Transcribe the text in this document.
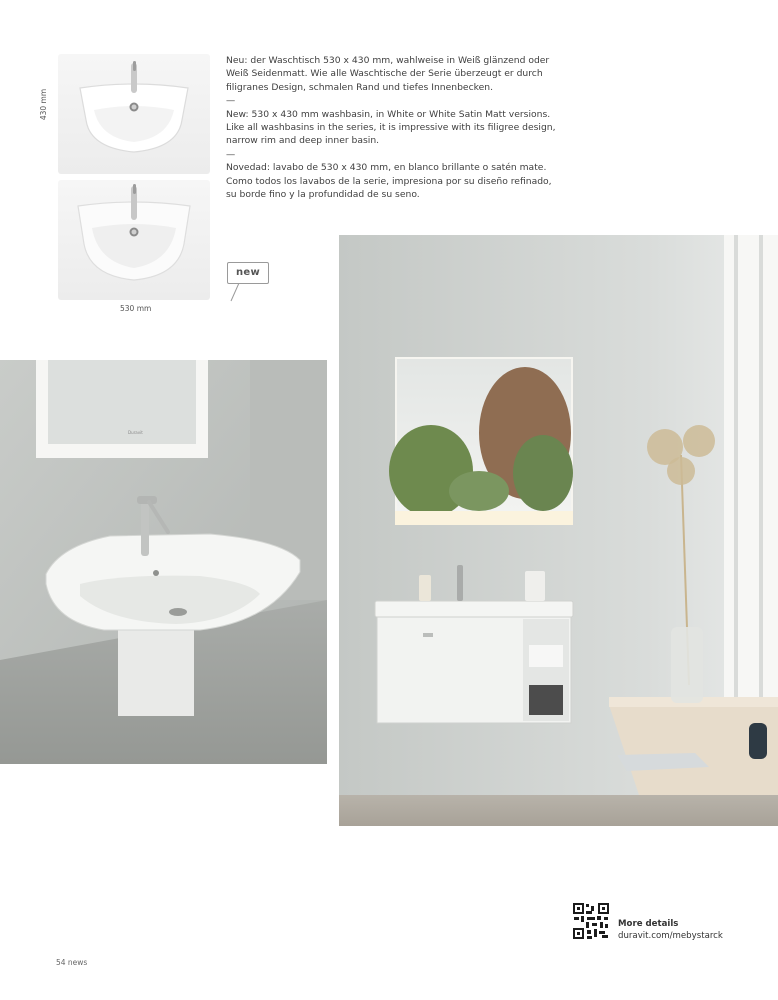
430 mm
530 mm

Neu: der Waschtisch 530 x 430 mm, wahlweise in Weiß glänzend oder Weiß Seidenmatt. Wie alle Waschtische der Serie überzeugt er durch filigranes Design, schmalen Rand und tiefes Innenbecken.

—

New: 530 x 430 mm washbasin, in White or White Satin Matt versions. Like all washbasins in the series, it is impressive with its filigree design, narrow rim and deep inner basin.

—

Novedad: lavabo de 530 x 430 mm, en blanco brillante o satén mate. Como todos los lavabos de la serie, impresiona por su diseño refinado, su borde fino y la profundidad de su seno.

new
Duravit
More details
duravit.com/mebystarck
54 news
